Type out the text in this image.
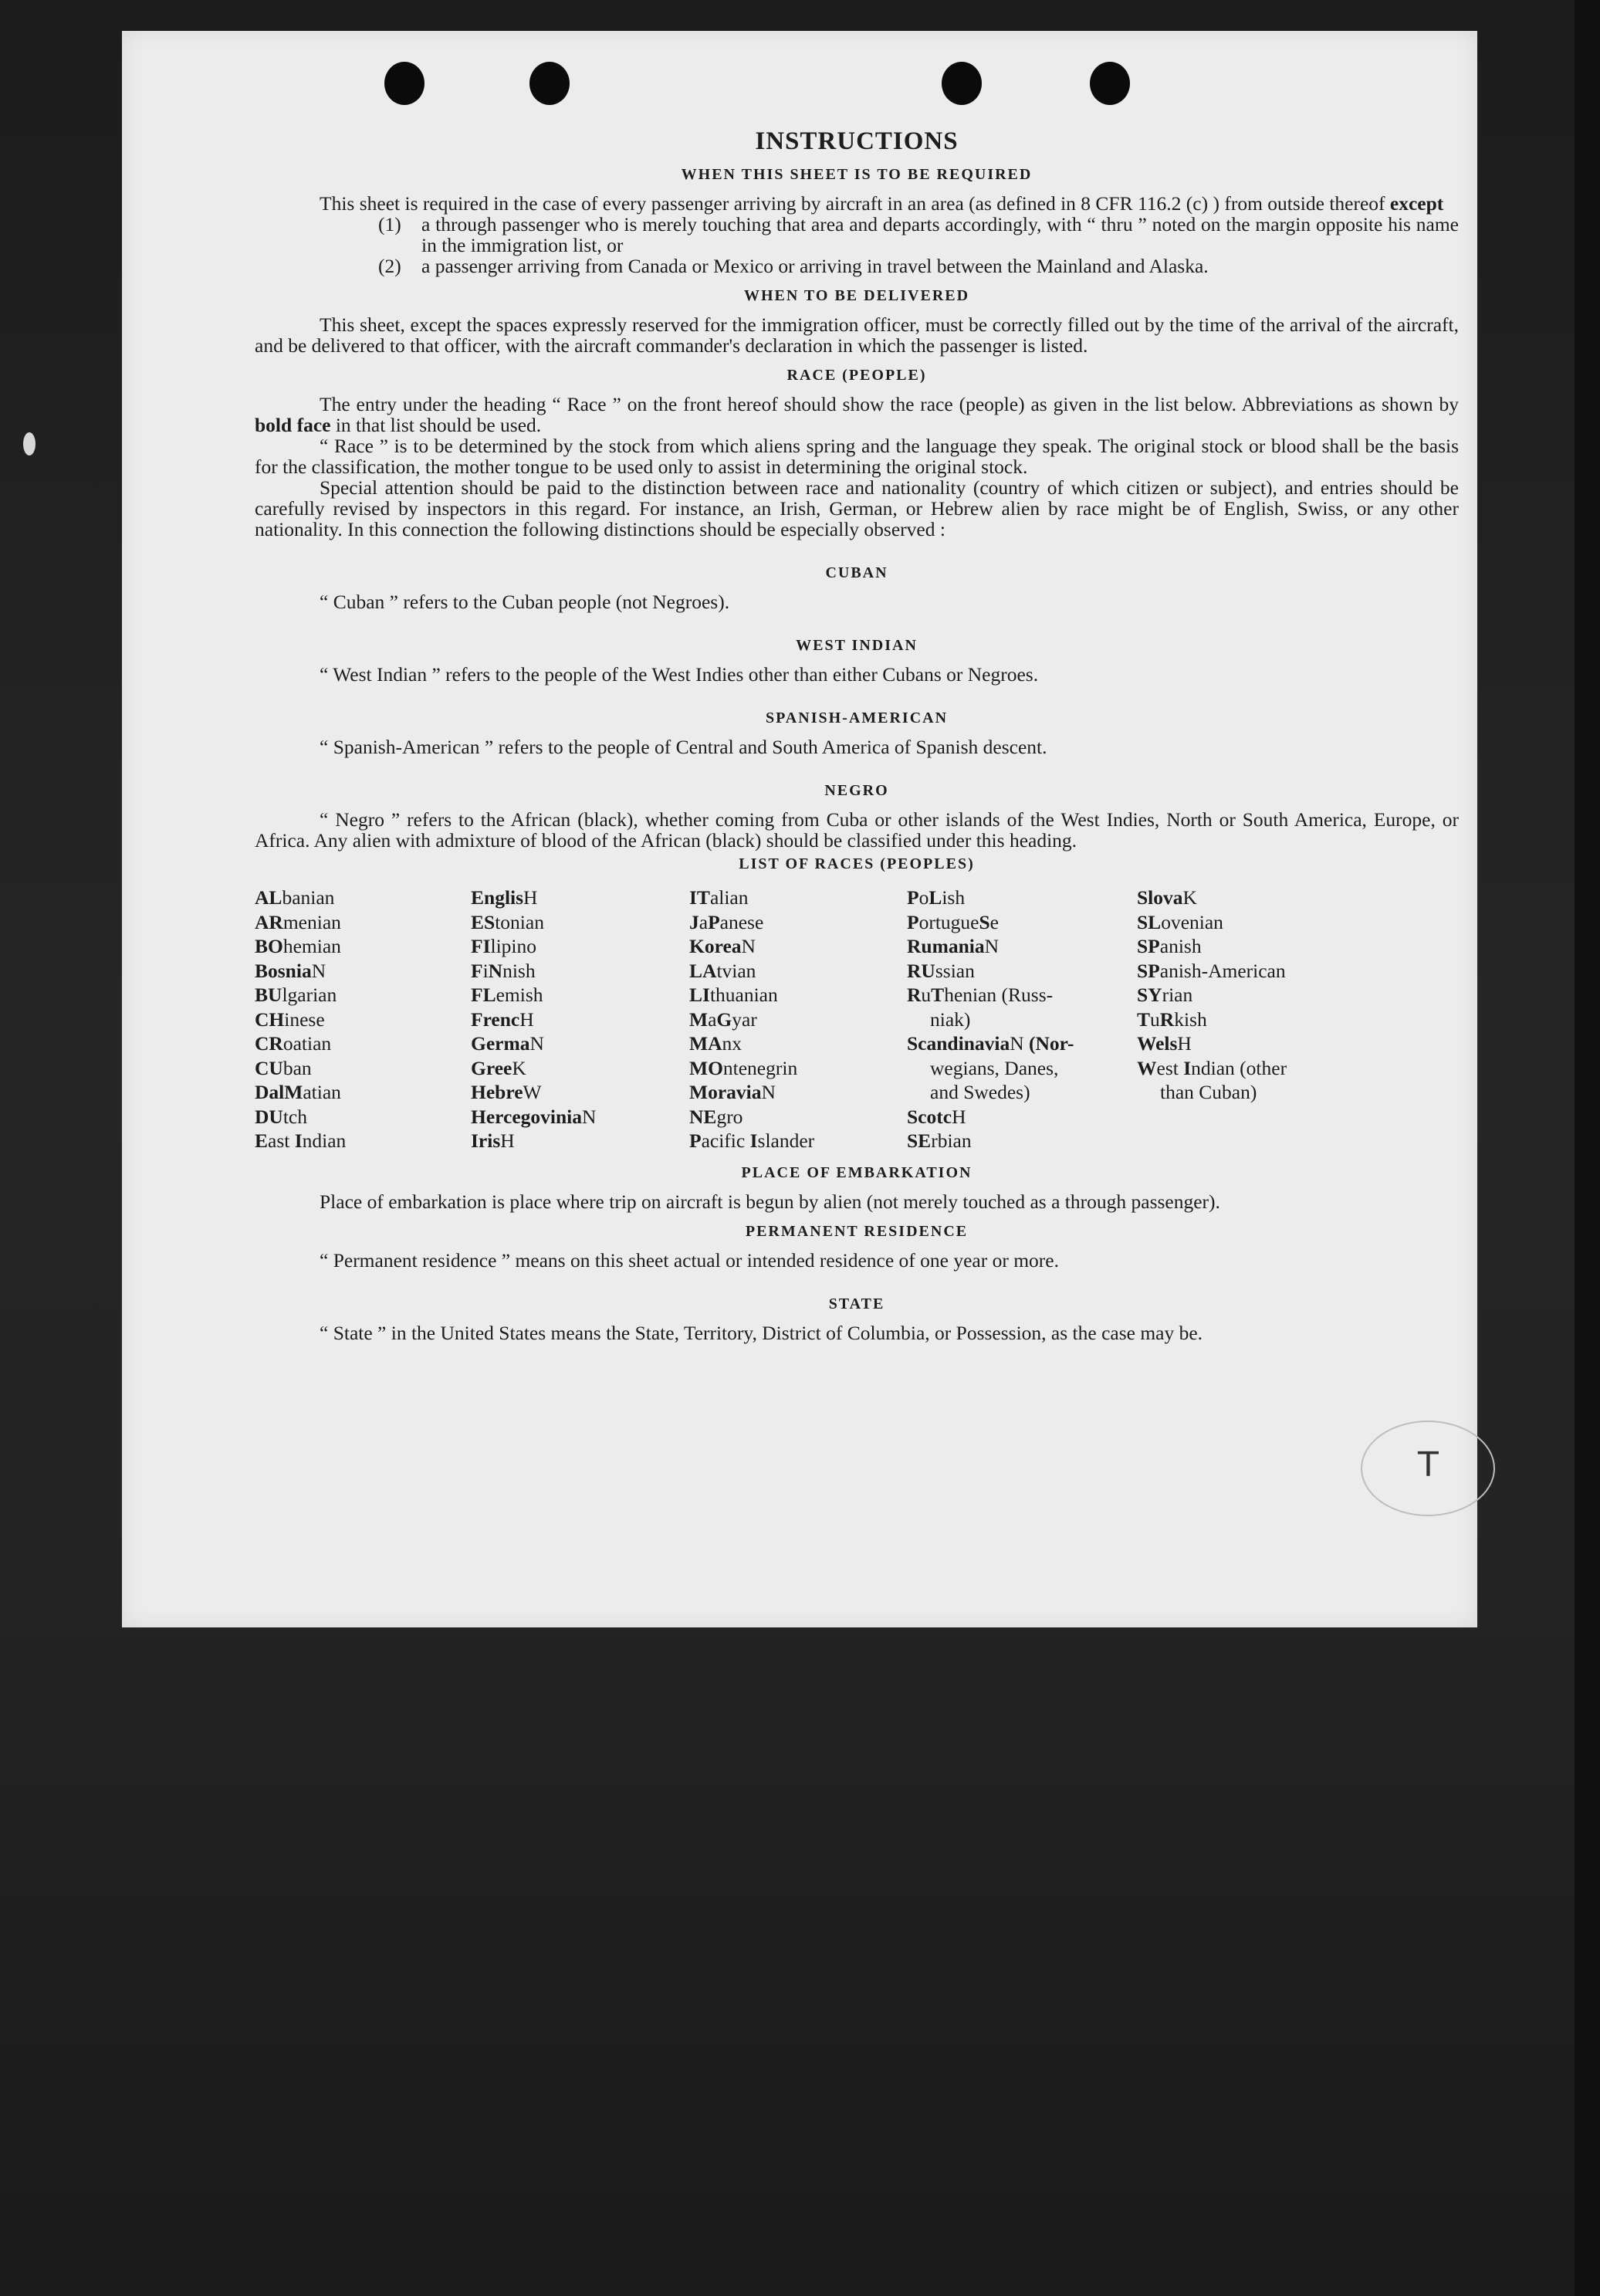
INSTRUCTIONS
WHEN THIS SHEET IS TO BE REQUIRED

This sheet is required in the case of every passenger arriving by aircraft in an area (as defined in 8 CFR 116.2 (c) ) from outside thereof except

(1) a through passenger who is merely touching that area and departs accordingly, with “ thru ” noted on the margin opposite his name in the immigration list, or
(2) a passenger arriving from Canada or Mexico or arriving in travel between the Mainland and Alaska.
WHEN TO BE DELIVERED

This sheet, except the spaces expressly reserved for the immigration officer, must be correctly filled out by the time of the arrival of the aircraft, and be delivered to that officer, with the aircraft commander's declaration in which the passenger is listed.

RACE (PEOPLE)

The entry under the heading “ Race ” on the front hereof should show the race (people) as given in the list below. Abbreviations as shown by bold face in that list should be used.

“ Race ” is to be determined by the stock from which aliens spring and the language they speak. The original stock or blood shall be the basis for the classification, the mother tongue to be used only to assist in determining the original stock.

Special attention should be paid to the distinction between race and nationality (country of which citizen or subject), and entries should be carefully revised by inspectors in this regard. For instance, an Irish, German, or Hebrew alien by race might be of English, Swiss, or any other nationality. In this connection the following distinctions should be especially observed :

CUBAN

“ Cuban ” refers to the Cuban people (not Negroes).

WEST INDIAN

“ West Indian ” refers to the people of the West Indies other than either Cubans or Negroes.

SPANISH-AMERICAN

“ Spanish-American ” refers to the people of Central and South America of Spanish descent.

NEGRO

“ Negro ” refers to the African (black), whether coming from Cuba or other islands of the West Indies, North or South America, Europe, or Africa. Any alien with admixture of blood of the African (black) should be classified under this heading.

LIST OF RACES (PEOPLES)
ALbanian
ARmenian
BOhemian
BosniaN
BUlgarian
CHinese
CRoatian
CUban
DalMatian
DUtch
East Indian
EnglisH
EStonian
FIlipino
FiNnish
FLemish
FrencH
GermaN
GreeK
HebreW
HercegoviniaN
IrisH
ITalian
JaPanese
KoreaN
LAtvian
LIthuanian
MaGyar
MAnx
MOntenegrin
MoraviaN
NEgro
Pacific Islander
PoLish
PortugueSe
RumaniaN
RUssian
RuThenian (Russ-
niak)
ScandinaviaN (Nor-
wegians, Danes,
and Swedes)
ScotcH
SErbian
SlovaK
SLovenian
SPanish
SPanish-American
SYrian
TuRkish
WelsH
West Indian (other
than Cuban)
PLACE OF EMBARKATION

Place of embarkation is place where trip on aircraft is begun by alien (not merely touched as a through passenger).

PERMANENT RESIDENCE

“ Permanent residence ” means on this sheet actual or intended residence of one year or more.

STATE

“ State ” in the United States means the State, Territory, District of Columbia, or Possession, as the case may be.

T
